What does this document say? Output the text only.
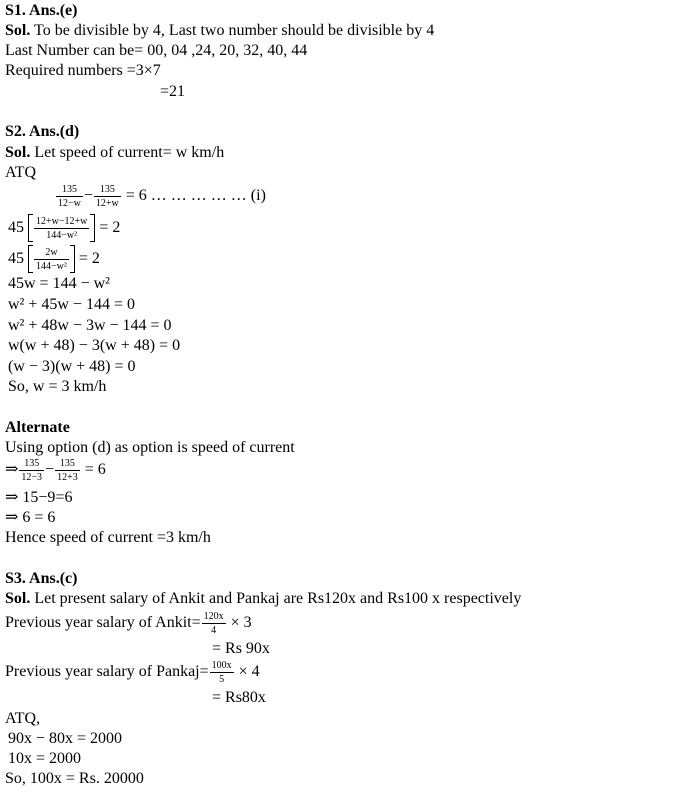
S1. Ans.(e)
Sol. To be divisible by 4, Last two number should be divisible by 4
Last Number can be= 00, 04 ,24, 20, 32, 40, 44
Required numbers =3×7
=21
S2. Ans.(d)
Sol. Let speed of current= w km/h
ATQ
$\frac{135}{12-w} - \frac{135}{12+w} = 6$ … … … … … (i)
$45 \frac{12+w-12+w}{\text{144−w²}} = 2$
$45 \frac{2w}{\text{144−w²}} = 2$
45w = 144 − w²
w² + 45w − 144 = 0
w² + 48w − 3w − 144 = 0
w(w + 48) − 3(w + 48) = 0
(w − 3)(w + 48) = 0
So, w = 3 km/h
Alternate
Using option (d) as option is speed of current
⇒ $\frac{135}{12-3} - \frac{135}{12+3} = 6$
⇒ 15−9=6
⇒ 6 = 6
Hence speed of current =3 km/h
S3. Ans.(c)
Sol. Let present salary of Ankit and Pankaj are Rs120x and Rs100 x respectively
Previous year salary of Ankit= $\frac{120x}{4} \times 3$
= Rs 90x
Previous year salary of Pankaj= $\frac{100x}{5} \times 4$
= Rs80x
ATQ,
90x − 80x = 2000
10x = 2000
So, 100x = Rs. 20000
